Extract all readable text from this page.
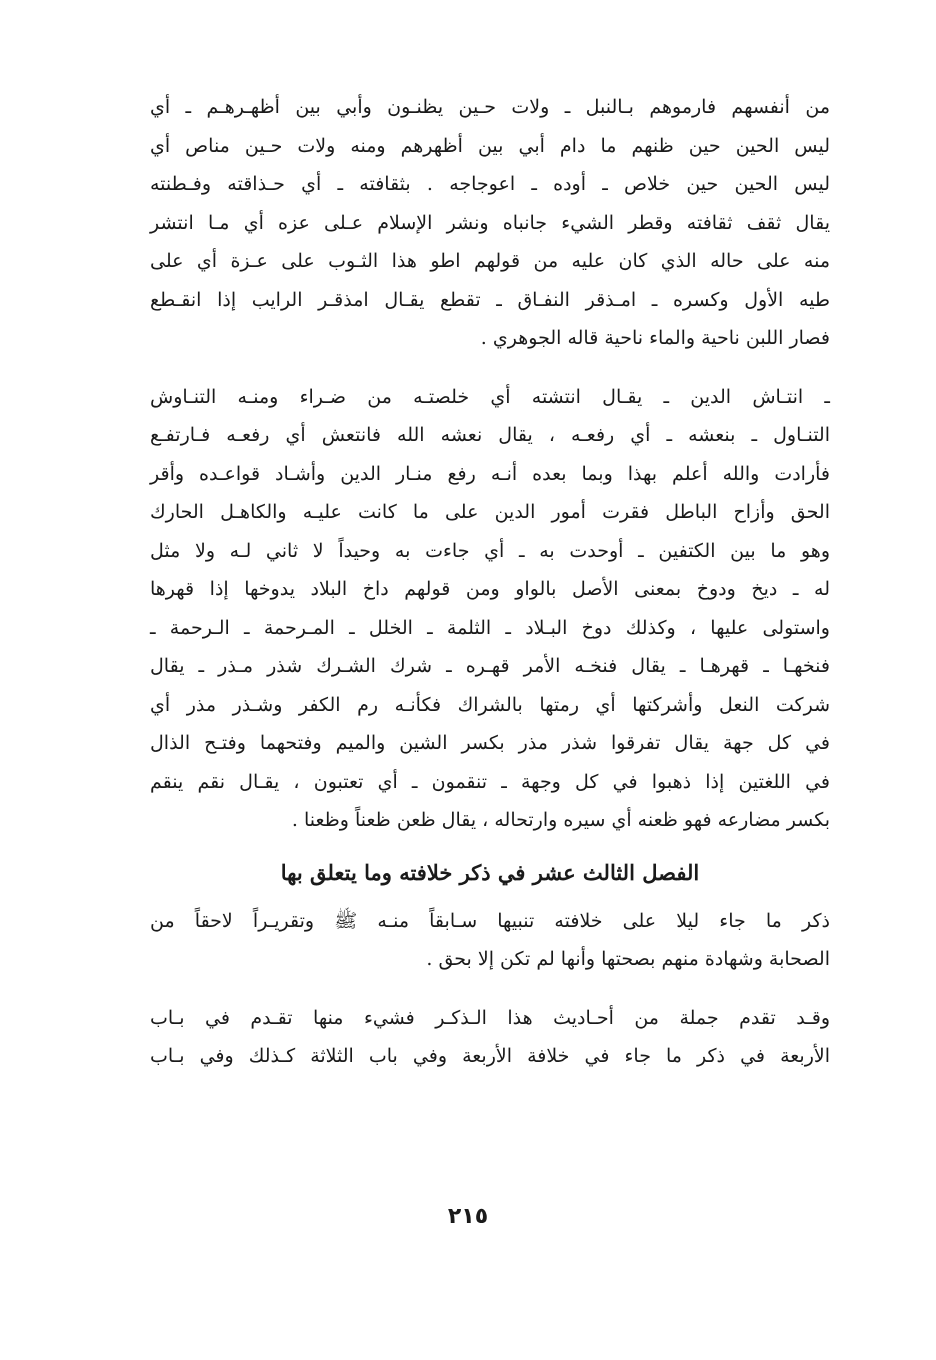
من أنفسهم فارموهم بـالنبل ـ ولات حـين يظنـون وأبي بين أظهـرهـم ـ أي
ليس الحين حين ظنهم ما دام أبي بين أظهرهم ومنه ولات حـين مناص أي
ليس الحين حين خلاص ـ أوده ـ اعوجاجه . بثقافته ـ أي حـذاقته وفـطنته
يقال ثقف ثقافته وقطر الشيء جانباه ونشر الإسلام عـلى عزه أي مـا انتشر
منه على حاله الذي كان عليه من قولهم اطو هذا الثـوب على عـزة أي على
طيه الأول وكسره ـ امـذقر النفـاق ـ تقطع يقـال امذقـر الرايب إذا انقـطع
فصار اللبن ناحية والماء ناحية قاله الجوهري .

ـ انتـاش الدين ـ يقـال انتشته أي خلصتـه من ضـراء ومنـه التنـاوش
التنـاول ـ بنعشه ـ أي رفعـه ، يقال نعشه الله فانتعش أي رفعـه فـارتفـع
فأرادت والله أعلم بهذا وبما بعده أنـه رفع منـار الدين وأشـاد قواعـده وأقر
الحق وأزاح الباطل فقرت أمور الدين على ما كانت عليـه والكاهـل الحارك
وهو ما بين الكتفين ـ أوحدت به ـ أي جاءت به وحيداً لا ثاني لـه ولا مثل
له ـ ديخ ودوخ بمعنى الأصل بالواو ومن قولهم داخ البلاد يدوخها إذا قهرها
واستولى عليها ، وكذلك دوخ البـلاد ـ الثلمة ـ الخلل ـ المـرحمة ـ الـرحمة ـ
فنخهـا ـ قهرهـا ـ يقال فنخـه الأمر قهـره ـ شرك الشـرك شذر مـذر ـ يقال
شركت النعل وأشركتها أي رمتها بالشراك فكأنـه رم الكفر وشـذر مذر أي
في كل جهة يقال تفرقوا شذر مذر بكسر الشين والميم وفتحهما وفتـح الذال
في اللغتين إذا ذهبوا في كل وجهة ـ تنقمون ـ أي تعتبون ، يقـال نقم ينقم
بكسر مضارعه فهو ظعنه أي سيره وارتحاله ، يقال ظعن ظعناً وظعنا .

الفصل الثالث عشر في ذكر خلافته وما يتعلق بها

ذكر ما جاء ليلا على خلافته تنبيها سـابقاً منـه ﷺ وتقريـراً لاحقاً من
الصحابة وشهادة منهم بصحتها وأنها لم تكن إلا بحق .

وقـد تقدم جملة من أحـاديث هذا الـذكـر فشيء منها تقـدم في بـاب
الأربعة في ذكر ما جاء في خلافة الأربعة وفي باب الثلاثة كـذلك وفي بـاب

٢١٥
